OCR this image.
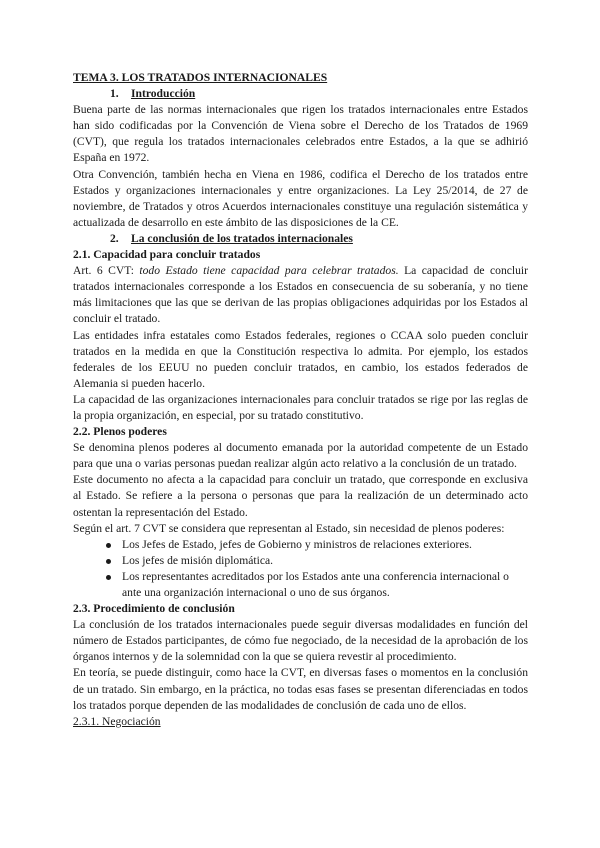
TEMA 3. LOS TRATADOS INTERNACIONALES

1. Introducción

Buena parte de las normas internacionales que rigen los tratados internacionales entre Estados han sido codificadas por la Convención de Viena sobre el Derecho de los Tratados de 1969 (CVT), que regula los tratados internacionales celebrados entre Estados, a la que se adhirió España en 1972.

Otra Convención, también hecha en Viena en 1986, codifica el Derecho de los tratados entre Estados y organizaciones internacionales y entre organizaciones. La Ley 25/2014, de 27 de noviembre, de Tratados y otros Acuerdos internacionales constituye una regulación sistemática y actualizada de desarrollo en este ámbito de las disposiciones de la CE.

2. La conclusión de los tratados internacionales

2.1. Capacidad para concluir tratados

Art. 6 CVT: todo Estado tiene capacidad para celebrar tratados. La capacidad de concluir tratados internacionales corresponde a los Estados en consecuencia de su soberanía, y no tiene más limitaciones que las que se derivan de las propias obligaciones adquiridas por los Estados al concluir el tratado.

Las entidades infra estatales como Estados federales, regiones o CCAA solo pueden concluir tratados en la medida en que la Constitución respectiva lo admita. Por ejemplo, los estados federales de los EEUU no pueden concluir tratados, en cambio, los estados federados de Alemania si pueden hacerlo.

La capacidad de las organizaciones internacionales para concluir tratados se rige por las reglas de la propia organización, en especial, por su tratado constitutivo.

2.2. Plenos poderes

Se denomina plenos poderes al documento emanada por la autoridad competente de un Estado para que una o varias personas puedan realizar algún acto relativo a la conclusión de un tratado.

Este documento no afecta a la capacidad para concluir un tratado, que corresponde en exclusiva al Estado. Se refiere a la persona o personas que para la realización de un determinado acto ostentan la representación del Estado.

Según el art. 7 CVT se considera que representan al Estado, sin necesidad de plenos poderes:

Los Jefes de Estado, jefes de Gobierno y ministros de relaciones exteriores.
Los jefes de misión diplomática.
Los representantes acreditados por los Estados ante una conferencia internacional o ante una organización internacional o uno de sus órganos.

2.3. Procedimiento de conclusión

La conclusión de los tratados internacionales puede seguir diversas modalidades en función del número de Estados participantes, de cómo fue negociado, de la necesidad de la aprobación de los órganos internos y de la solemnidad con la que se quiera revestir al procedimiento.

En teoría, se puede distinguir, como hace la CVT, en diversas fases o momentos en la conclusión de un tratado. Sin embargo, en la práctica, no todas esas fases se presentan diferenciadas en todos los tratados porque dependen de las modalidades de conclusión de cada uno de ellos.

2.3.1. Negociación
